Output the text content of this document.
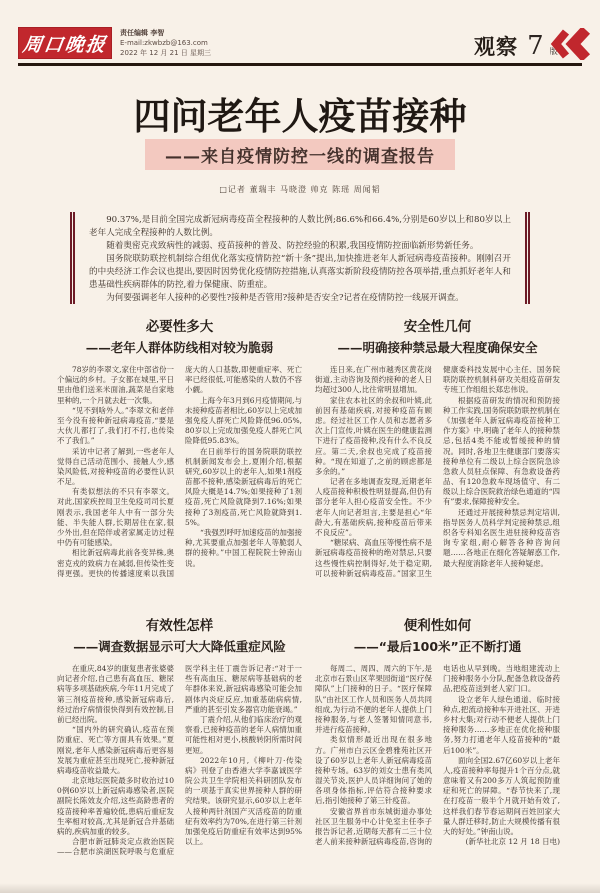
周口晚报
责任编辑 李智
E-mail:zkwbzb@163.com
2022 年 12 月 21 日 星期三	观察 7 版
四问老年人疫苗接种
——来自疫情防控一线的调查报告
□记者 董瑞丰 马晓澄 帅克 陈瑶 周闻韬

90.37%,是目前全国完成新冠病毒疫苗全程接种的人数比例;86.6%和66.4%,分别是60岁以上和80岁以上老年人完成全程接种的人数比例。

随着奥密克戎致病性的减弱、疫苗接种的普及、防控经验的积累,我国疫情防控面临新形势新任务。

国务院联防联控机制综合组优化落实疫情防控“新十条”提出,加快推进老年人新冠病毒疫苗接种。刚刚召开的中央经济工作会议也提出,要因时因势优化疫情防控措施,认真落实新阶段疫情防控各项举措,重点抓好老年人和患基础性疾病群体的防控,着力保健康、防重症。

为何要强调老年人接种的必要性?接种是否管用?接种是否安全?记者在疫情防控一线展开调查。

必要性多大
——老年人群体防线相对较为脆弱

78岁的李翠文,家住中部省份一个偏远的乡村。子女都在城里,平日里由他们送来米面油,蔬菜是自家地里种的,一个月就去赶一次集。

“见不到啥外人。”李翠文和老伴至今没有接种新冠病毒疫苗,“要是大伙儿都打了,我们打不打,也传染不了我们。”

采访中记者了解到,一些老年人觉得自己活动范围小、接触人少,感染风险低,对接种疫苗的必要性认识不足。

有类似想法的不只有李翠文。对此,国家疾控局卫生免疫司司长夏刚表示,我国老年人中有一部分失能、半失能人群,长期居住在家,很少外出,但在陪伴或者家属走访过程中仍有可能感染。

相比新冠病毒此前各变异株,奥密克戎的致病力在减弱,但传染性变得更强。更快的传播速度乘以我国庞大的人口基数,即便重症率、死亡率已经很低,可能感染的人数仍不容小觑。

上海今年3月到6月疫情期间,与未接种疫苗者相比,60岁以上完成加强免疫人群死亡风险降低96.05%,80岁以上完成加强免疫人群死亡风险降低95.83%。

在日前举行的国务院联防联控机制新闻发布会上,夏刚介绍,根据研究,60岁以上的老年人,如果1剂疫苗都不接种,感染新冠病毒后的死亡风险大概是14.7%;如果接种了1剂疫苗,死亡风险就降到7.16%;如果接种了3剂疫苗,死亡风险就降到1.5%。

“我强烈呼吁加速疫苗的加强接种,尤其要重点加强老年人等脆弱人群的接种。”中国工程院院士钟南山说。

安全性几何
——明确接种禁忌最大程度确保安全

连日来,在广州市越秀区黄花岗街道,主动咨询及预约接种的老人日均超过300人,比往常明显增加。

家住农本社区的余叔和叶姨,此前因有基础疾病,对接种疫苗有顾虑。经过社区工作人员和志愿者多次上门宣传,叶姨在医生的健康监测下进行了疫苗接种,没有什么不良反应。第二天,余叔也完成了疫苗接种。“现在知道了,之前的顾虑都是多余的。”

记者在多地调查发现,近期老年人疫苗接种积极性明显提高,但仍有部分老年人担心疫苗安全性。不少老年人向记者坦言,主要是担心“年龄大,有基础疾病,接种疫苗后带来不良反应”。

“糖尿病、高血压等慢性病不是新冠病毒疫苗接种的绝对禁忌,只要这些慢性病控制得好,处于稳定期,可以接种新冠病毒疫苗。”国家卫生健康委科技发展中心主任、国务院联防联控机制科研攻关组疫苗研发专班工作组组长郑忠伟说。

根据疫苗研发的情况和预防接种工作实践,国务院联防联控机制在《加强老年人新冠病毒疫苗接种工作方案》中,明确了老年人的接种禁忌,包括4类不能或暂缓接种的情况。同时,各地卫生健康部门要落实接种单位有二级以上综合医院急诊急救人员驻点保障、有急救设备药品、有120急救车现场值守、有二级以上综合医院救治绿色通道的“四有”要求,保障接种安全。

还通过开展接种禁忌判定培训,指导医务人员科学判定接种禁忌,组织各专科知名医生进驻接种疫苗咨询专家组,耐心解答各种咨询问题……各地正在细化答疑解惑工作,最大程度消除老年人接种疑虑。

有效性怎样
——调查数据显示可大大降低重症风险

在重庆,84岁的康复患者张婆婆向记者介绍,自己患有高血压、糖尿病等多项基础疾病,今年11月完成了第三剂疫苗接种,感染新冠病毒后,经过治疗病情很快得到有效控制,目前已经出院。

“国内外的研究确认,疫苗在预防重症、死亡等方面具有效果。”夏刚说,老年人感染新冠病毒后更容易发展为重症甚至出现死亡,接种新冠病毒疫苗收益最大。

北京地坛医院最多时收治过100例60岁以上新冠病毒感染者,医院副院长陈效友介绍,这些高龄患者的疫苗接种率普遍较低,患病后重症发生率相对较高,尤其是新冠合并基础病的,疾病加重的较多。

合肥市新冠肺炎定点救治医院——合肥市滨湖医院呼吸与危重症医学科主任丁震告诉记者:“对于一些有高血压、糖尿病等基础病的老年群体来说,新冠病毒感染可能会加剧体内炎症反应,加重基础病病情,严重的甚至引发多器官功能衰竭。”

丁震介绍,从他们临床治疗的观察看,已接种疫苗的老年人病情加重可能性相对更小,核酸转阴所需时间更短。

2022年10月,《柳叶刀·传染病》刊登了由香港大学李嘉诚医学院公共卫生学院相关科研团队发布的一项基于真实世界接种人群的研究结果。该研究显示,60岁以上老年人接种两针剂国产灭活疫苗的防重症有效率约为70%,在进行第三针剂加强免疫后防重症有效率达到95%以上。

便利性如何
——“最后100米”正不断打通

每周二、周四、周六的下午,是北京市石景山区苹果园街道“医疗保障队”上门接种的日子。“医疗保障队”由社区工作人员和医务人员共同组成,为行动不便的老年人提供上门接种服务,与老人签署知情同意书,并进行疫苗接种。

类似情形最近出现在很多地方。广州市白云区金碧雅苑社区开设了60岁以上老年人新冠病毒疫苗接种专场。63岁的刘女士患有类风湿关节炎,医护人员详细询问了她的各项身体指标,评估符合接种要求后,指引她接种了第三针疫苗。

安徽省界首市东城街道办事处社区卫生服务中心计免室主任李子报告诉记者,近期每天都有二三十位老人前来接种新冠病毒疫苗,咨询的电话也从早到晚。当地组建流动上门接种服务小分队,配备急救设备药品,把疫苗送到老人家门口。

设立老年人绿色通道、临时接种点,把流动接种车开进社区、开进乡村大集;对行动不便老人提供上门接种服务……多地正在优化接种服务,努力打通老年人疫苗接种的“最后100米”。

面向全国2.67亿60岁以上老年人,疫苗接种率每提升1个百分点,就意味着又有200多万人筑起预防重症和死亡的屏障。“春节快来了,现在打疫苗一般半个月就开始有效了,这样我们春节春运期间百姓回家大量人群迁移时,防止大规模传播有很大的好处。”钟南山说。

(新华社北京 12 月 18 日电)
